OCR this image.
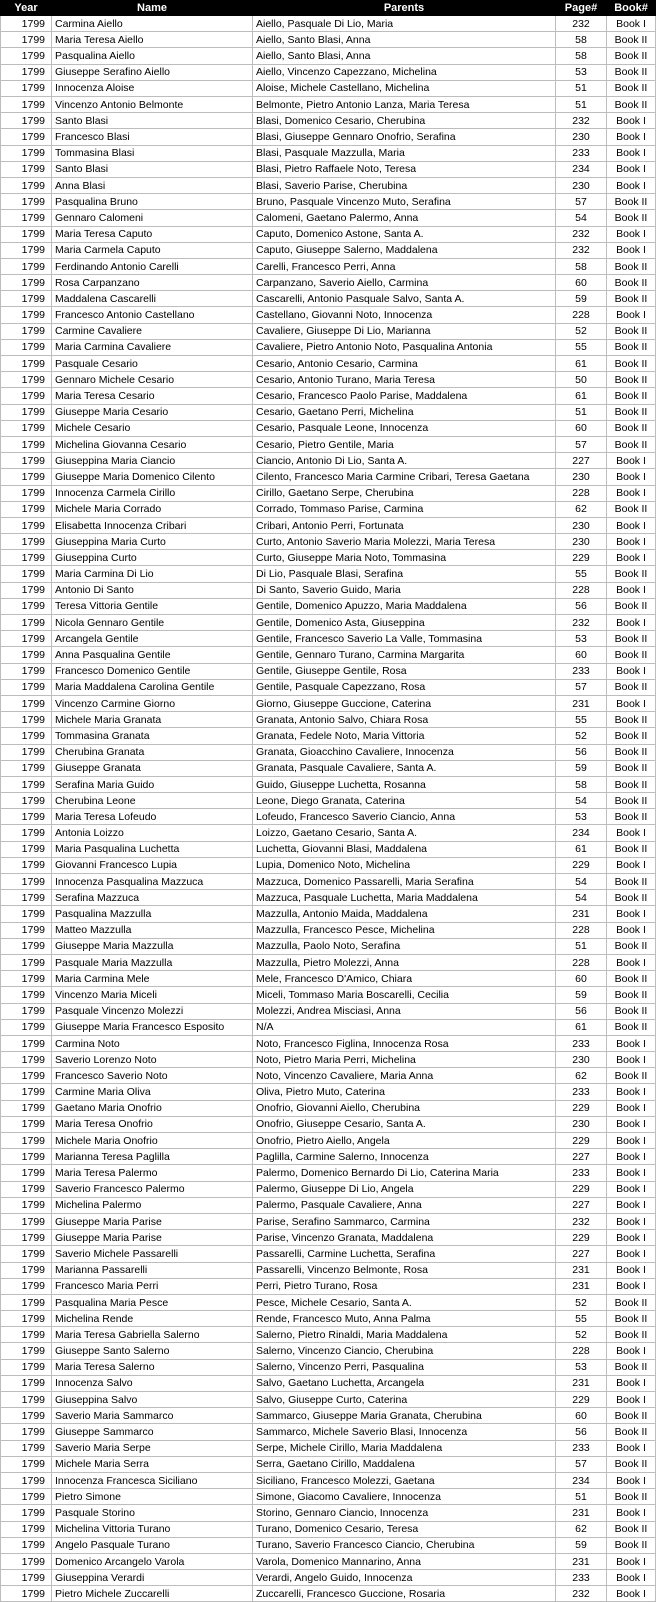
Year	Name	Parents	Page#	Book#
1799	Carmina Aiello	Aiello, Pasquale Di Lio, Maria	232	Book I
1799	Maria Teresa Aiello	Aiello, Santo Blasi, Anna	58	Book II
1799	Pasqualina Aiello	Aiello, Santo Blasi, Anna	58	Book II
1799	Giuseppe Serafino Aiello	Aiello, Vincenzo Capezzano, Michelina	53	Book II
1799	Innocenza Aloise	Aloise, Michele Castellano, Michelina	51	Book II
1799	Vincenzo Antonio Belmonte	Belmonte, Pietro Antonio Lanza, Maria Teresa	51	Book II
1799	Santo Blasi	Blasi, Domenico Cesario, Cherubina	232	Book I
1799	Francesco Blasi	Blasi, Giuseppe Gennaro Onofrio, Serafina	230	Book I
1799	Tommasina Blasi	Blasi, Pasquale Mazzulla, Maria	233	Book I
1799	Santo Blasi	Blasi, Pietro Raffaele Noto, Teresa	234	Book I
1799	Anna Blasi	Blasi, Saverio Parise, Cherubina	230	Book I
1799	Pasqualina Bruno	Bruno, Pasquale Vincenzo Muto, Serafina	57	Book II
1799	Gennaro Calomeni	Calomeni, Gaetano Palermo, Anna	54	Book II
1799	Maria Teresa Caputo	Caputo, Domenico Astone, Santa A.	232	Book I
1799	Maria Carmela Caputo	Caputo, Giuseppe Salerno, Maddalena	232	Book I
1799	Ferdinando Antonio Carelli	Carelli, Francesco Perri, Anna	58	Book II
1799	Rosa Carpanzano	Carpanzano, Saverio Aiello, Carmina	60	Book II
1799	Maddalena Cascarelli	Cascarelli, Antonio Pasquale Salvo, Santa A.	59	Book II
1799	Francesco Antonio Castellano	Castellano, Giovanni Noto, Innocenza	228	Book I
1799	Carmine Cavaliere	Cavaliere, Giuseppe Di Lio, Marianna	52	Book II
1799	Maria Carmina Cavaliere	Cavaliere, Pietro Antonio Noto, Pasqualina Antonia	55	Book II
1799	Pasquale Cesario	Cesario, Antonio Cesario, Carmina	61	Book II
1799	Gennaro Michele Cesario	Cesario, Antonio Turano, Maria Teresa	50	Book II
1799	Maria Teresa Cesario	Cesario, Francesco Paolo Parise, Maddalena	61	Book II
1799	Giuseppe Maria Cesario	Cesario, Gaetano Perri, Michelina	51	Book II
1799	Michele Cesario	Cesario, Pasquale Leone, Innocenza	60	Book II
1799	Michelina Giovanna Cesario	Cesario, Pietro Gentile, Maria	57	Book II
1799	Giuseppina Maria Ciancio	Ciancio, Antonio Di Lio, Santa A.	227	Book I
1799	Giuseppe Maria Domenico Cilento	Cilento, Francesco Maria Carmine Cribari, Teresa Gaetana	230	Book I
1799	Innocenza Carmela Cirillo	Cirillo, Gaetano Serpe, Cherubina	228	Book I
1799	Michele Maria Corrado	Corrado, Tommaso Parise, Carmina	62	Book II
1799	Elisabetta Innocenza Cribari	Cribari, Antonio Perri, Fortunata	230	Book I
1799	Giuseppina Maria Curto	Curto, Antonio Saverio Maria Molezzi, Maria Teresa	230	Book I
1799	Giuseppina Curto	Curto, Giuseppe Maria Noto, Tommasina	229	Book I
1799	Maria Carmina Di Lio	Di Lio, Pasquale Blasi, Serafina	55	Book II
1799	Antonio Di Santo	Di Santo, Saverio Guido, Maria	228	Book I
1799	Teresa Vittoria Gentile	Gentile, Domenico Apuzzo, Maria Maddalena	56	Book II
1799	Nicola Gennaro Gentile	Gentile, Domenico Asta, Giuseppina	232	Book I
1799	Arcangela Gentile	Gentile, Francesco Saverio La Valle, Tommasina	53	Book II
1799	Anna Pasqualina Gentile	Gentile, Gennaro Turano, Carmina Margarita	60	Book II
1799	Francesco Domenico Gentile	Gentile, Giuseppe Gentile, Rosa	233	Book I
1799	Maria Maddalena Carolina Gentile	Gentile, Pasquale Capezzano, Rosa	57	Book II
1799	Vincenzo Carmine Giorno	Giorno, Giuseppe Guccione, Caterina	231	Book I
1799	Michele Maria Granata	Granata, Antonio Salvo, Chiara Rosa	55	Book II
1799	Tommasina Granata	Granata, Fedele Noto, Maria Vittoria	52	Book II
1799	Cherubina Granata	Granata, Gioacchino Cavaliere, Innocenza	56	Book II
1799	Giuseppe Granata	Granata, Pasquale Cavaliere, Santa A.	59	Book II
1799	Serafina Maria Guido	Guido, Giuseppe Luchetta, Rosanna	58	Book II
1799	Cherubina Leone	Leone, Diego Granata, Caterina	54	Book II
1799	Maria Teresa Lofeudo	Lofeudo, Francesco Saverio Ciancio, Anna	53	Book II
1799	Antonia Loizzo	Loizzo, Gaetano Cesario, Santa A.	234	Book I
1799	Maria Pasqualina Luchetta	Luchetta, Giovanni Blasi, Maddalena	61	Book II
1799	Giovanni Francesco Lupia	Lupia, Domenico Noto, Michelina	229	Book I
1799	Innocenza Pasqualina Mazzuca	Mazzuca, Domenico Passarelli, Maria Serafina	54	Book II
1799	Serafina Mazzuca	Mazzuca, Pasquale Luchetta, Maria Maddalena	54	Book II
1799	Pasqualina Mazzulla	Mazzulla, Antonio Maida, Maddalena	231	Book I
1799	Matteo Mazzulla	Mazzulla, Francesco Pesce, Michelina	228	Book I
1799	Giuseppe Maria Mazzulla	Mazzulla, Paolo Noto, Serafina	51	Book II
1799	Pasquale Maria Mazzulla	Mazzulla, Pietro Molezzi, Anna	228	Book I
1799	Maria Carmina Mele	Mele, Francesco D'Amico, Chiara	60	Book II
1799	Vincenzo Maria Miceli	Miceli, Tommaso Maria Boscarelli, Cecilia	59	Book II
1799	Pasquale Vincenzo Molezzi	Molezzi, Andrea Misciasi, Anna	56	Book II
1799	Giuseppe Maria Francesco Esposito	N/A	61	Book II
1799	Carmina Noto	Noto, Francesco Figlina, Innocenza Rosa	233	Book I
1799	Saverio Lorenzo Noto	Noto, Pietro Maria Perri, Michelina	230	Book I
1799	Francesco Saverio Noto	Noto, Vincenzo Cavaliere, Maria Anna	62	Book II
1799	Carmine Maria Oliva	Oliva, Pietro Muto, Caterina	233	Book I
1799	Gaetano Maria Onofrio	Onofrio, Giovanni Aiello, Cherubina	229	Book I
1799	Maria Teresa Onofrio	Onofrio, Giuseppe Cesario, Santa A.	230	Book I
1799	Michele Maria Onofrio	Onofrio, Pietro Aiello, Angela	229	Book I
1799	Marianna Teresa Paglilla	Paglilla, Carmine Salerno, Innocenza	227	Book I
1799	Maria Teresa Palermo	Palermo, Domenico Bernardo Di Lio, Caterina Maria	233	Book I
1799	Saverio Francesco Palermo	Palermo, Giuseppe Di Lio, Angela	229	Book I
1799	Michelina Palermo	Palermo, Pasquale Cavaliere, Anna	227	Book I
1799	Giuseppe Maria Parise	Parise, Serafino Sammarco, Carmina	232	Book I
1799	Giuseppe Maria Parise	Parise, Vincenzo Granata, Maddalena	229	Book I
1799	Saverio Michele Passarelli	Passarelli, Carmine Luchetta, Serafina	227	Book I
1799	Marianna Passarelli	Passarelli, Vincenzo Belmonte, Rosa	231	Book I
1799	Francesco Maria Perri	Perri, Pietro Turano, Rosa	231	Book I
1799	Pasqualina Maria Pesce	Pesce, Michele Cesario, Santa A.	52	Book II
1799	Michelina Rende	Rende, Francesco Muto, Anna Palma	55	Book II
1799	Maria Teresa Gabriella Salerno	Salerno, Pietro Rinaldi, Maria Maddalena	52	Book II
1799	Giuseppe Santo Salerno	Salerno, Vincenzo Ciancio, Cherubina	228	Book I
1799	Maria Teresa Salerno	Salerno, Vincenzo Perri, Pasqualina	53	Book II
1799	Innocenza Salvo	Salvo, Gaetano Luchetta, Arcangela	231	Book I
1799	Giuseppina Salvo	Salvo, Giuseppe Curto, Caterina	229	Book I
1799	Saverio Maria Sammarco	Sammarco, Giuseppe Maria Granata, Cherubina	60	Book II
1799	Giuseppe Sammarco	Sammarco, Michele Saverio Blasi, Innocenza	56	Book II
1799	Saverio Maria Serpe	Serpe, Michele Cirillo, Maria Maddalena	233	Book I
1799	Michele Maria Serra	Serra, Gaetano Cirillo, Maddalena	57	Book II
1799	Innocenza Francesca Siciliano	Siciliano, Francesco Molezzi, Gaetana	234	Book I
1799	Pietro Simone	Simone, Giacomo Cavaliere, Innocenza	51	Book II
1799	Pasquale Storino	Storino, Gennaro Ciancio, Innocenza	231	Book I
1799	Michelina Vittoria Turano	Turano, Domenico Cesario, Teresa	62	Book II
1799	Angelo Pasquale Turano	Turano, Saverio Francesco Ciancio, Cherubina	59	Book II
1799	Domenico Arcangelo Varola	Varola, Domenico Mannarino, Anna	231	Book I
1799	Giuseppina Verardi	Verardi, Angelo Guido, Innocenza	233	Book I
1799	Pietro Michele Zuccarelli	Zuccarelli, Francesco Guccione, Rosaria	232	Book I
